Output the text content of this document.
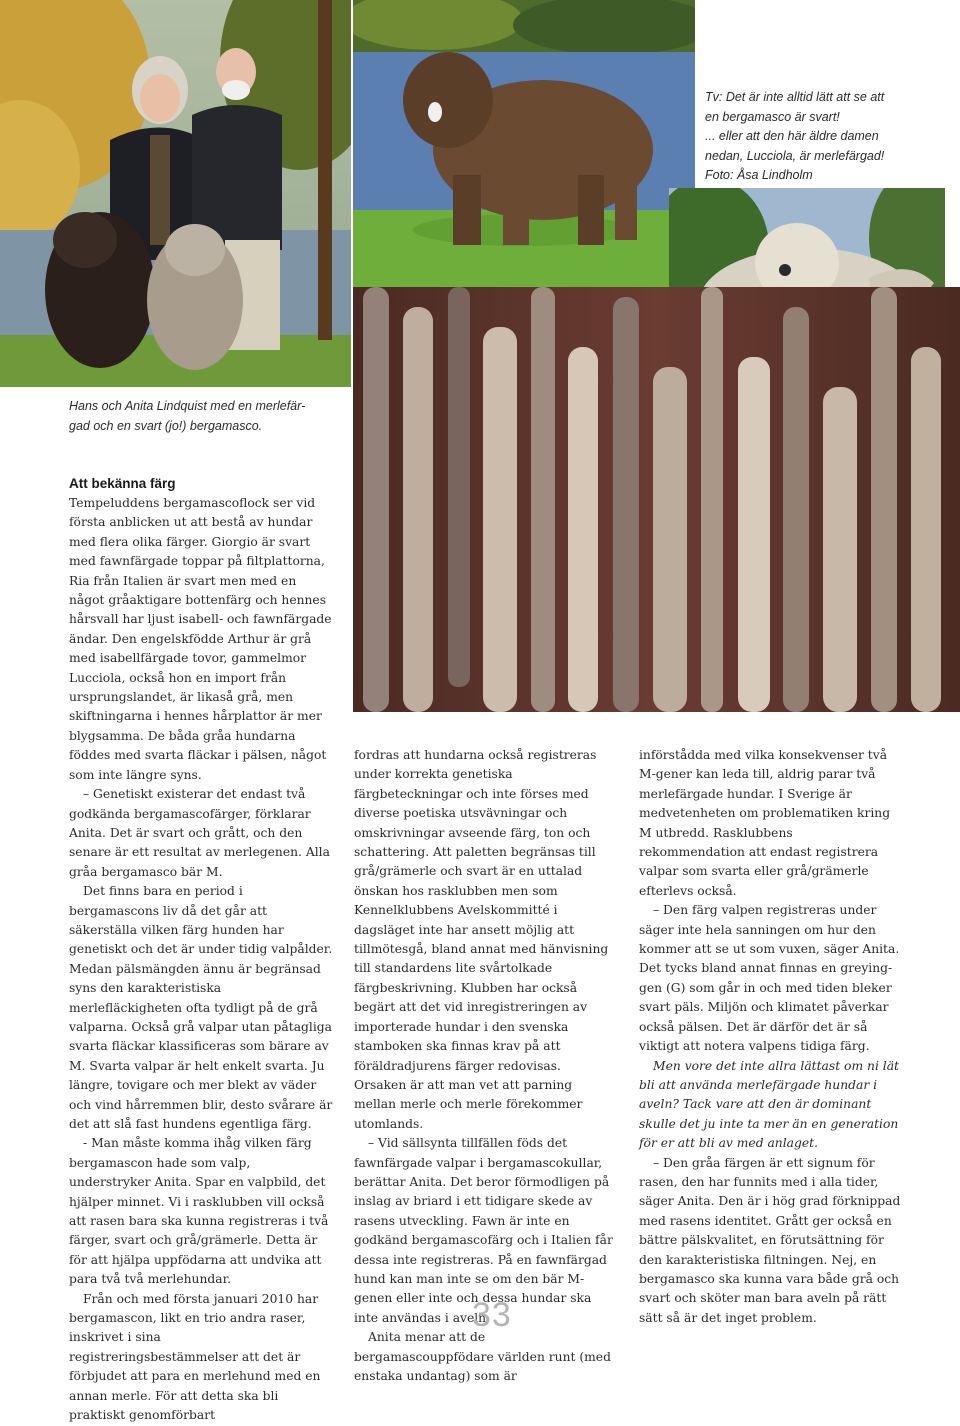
Tv: Det är inte alltid lätt att se att

en bergamasco är svart!

... eller att den här äldre damen

nedan, Lucciola, är merlefärgad!

Foto: Åsa Lindholm

Hans och Anita Lindquist med en merlefär-

gad och en svart (jo!) bergamasco.

Att bekänna färg

Tempeluddens bergamascoflock ser vid första anblicken ut att bestå av hundar med flera olika färger. Giorgio är svart med fawnfärgade toppar på filtplattorna, Ria från Italien är svart men med en något gråaktigare bottenfärg och hennes hårsvall har ljust isabell- och fawnfärgade ändar. Den engelskfödde Arthur är grå med isabellfärgade tovor, gammelmor Lucciola, också hon en import från ursprungslandet, är likaså grå, men skiftningarna i hennes hårplattor är mer blygsamma. De båda gråa hundarna föddes med svarta fläckar i pälsen, något som inte längre syns.

– Genetiskt existerar det endast två godkända bergamascofärger, förklarar Anita. Det är svart och grått, och den senare är ett resultat av merlegenen. Alla gråa bergamasco bär M.

Det finns bara en period i bergamascons liv då det går att säkerställa vilken färg hunden har genetiskt och det är under tidig valpålder. Medan pälsmängden ännu är begränsad syns den karakteristiska merlefläckigheten ofta tydligt på de grå valparna. Också grå valpar utan påtagliga svarta fläckar klassificeras som bärare av M. Svarta valpar är helt enkelt svarta. Ju längre, tovigare och mer blekt av väder och vind hårremmen blir, desto svårare är det att slå fast hundens egentliga färg.

- Man måste komma ihåg vilken färg bergamascon hade som valp, understryker Anita. Spar en valpbild, det hjälper minnet. Vi i rasklubben vill också att rasen bara ska kunna registreras i två färger, svart och grå/grämerle. Detta är för att hjälpa uppfödarna att undvika att para två två merlehundar.

Från och med första januari 2010 har bergamascon, likt en trio andra raser, inskrivet i sina registreringsbestämmelser att det är förbjudet att para en merlehund med en annan merle. För att detta ska bli praktiskt genomförbart

fordras att hundarna också registreras under korrekta genetiska färgbeteckningar och inte förses med diverse poetiska utsvävningar och omskrivningar avseende färg, ton och schattering. Att paletten begränsas till grå/grämerle och svart är en uttalad önskan hos rasklubben men som Kennelklubbens Avelskommitté i dagsläget inte har ansett möjlig att tillmötesgå, bland annat med hänvisning till standardens lite svårtolkade färgbeskrivning. Klubben har också begärt att det vid inregistreringen av importerade hundar i den svenska stamboken ska finnas krav på att föräldradjurens färger redovisas. Orsaken är att man vet att parning mellan merle och merle förekommer utomlands.

– Vid sällsynta tillfällen föds det fawnfärgade valpar i bergamascokullar, berättar Anita. Det beror förmodligen på inslag av briard i ett tidigare skede av rasens utveckling. Fawn är inte en godkänd bergamascofärg och i Italien får dessa inte registreras. På en fawnfärgad hund kan man inte se om den bär M-genen eller inte och dessa hundar ska inte användas i aveln.

Anita menar att de bergamascouppfödare världen runt (med enstaka undantag) som är

införstådda med vilka konsekvenser två M-gener kan leda till, aldrig parar två merlefärgade hundar. I Sverige är medvetenheten om problematiken kring M utbredd. Rasklubbens rekommendation att endast registrera valpar som svarta eller grå/grämerle efterlevs också.

– Den färg valpen registreras under säger inte hela sanningen om hur den kommer att se ut som vuxen, säger Anita. Det tycks bland annat finnas en greying-gen (G) som går in och med tiden bleker svart päls. Miljön och klimatet påverkar också pälsen. Det är därför det är så viktigt att notera valpens tidiga färg.

Men vore det inte allra lättast om ni lät bli att använda merlefärgade hundar i aveln? Tack vare att den är dominant skulle det ju inte ta mer än en generation för er att bli av med anlaget.

– Den gråa färgen är ett signum för rasen, den har funnits med i alla tider, säger Anita. Den är i hög grad förknippad med rasens identitet. Grått ger också en bättre pälskvalitet, en förutsättning för den karakteristiska filtningen. Nej, en bergamasco ska kunna vara både grå och svart och sköter man bara aveln på rätt sätt så är det inget problem.

33
